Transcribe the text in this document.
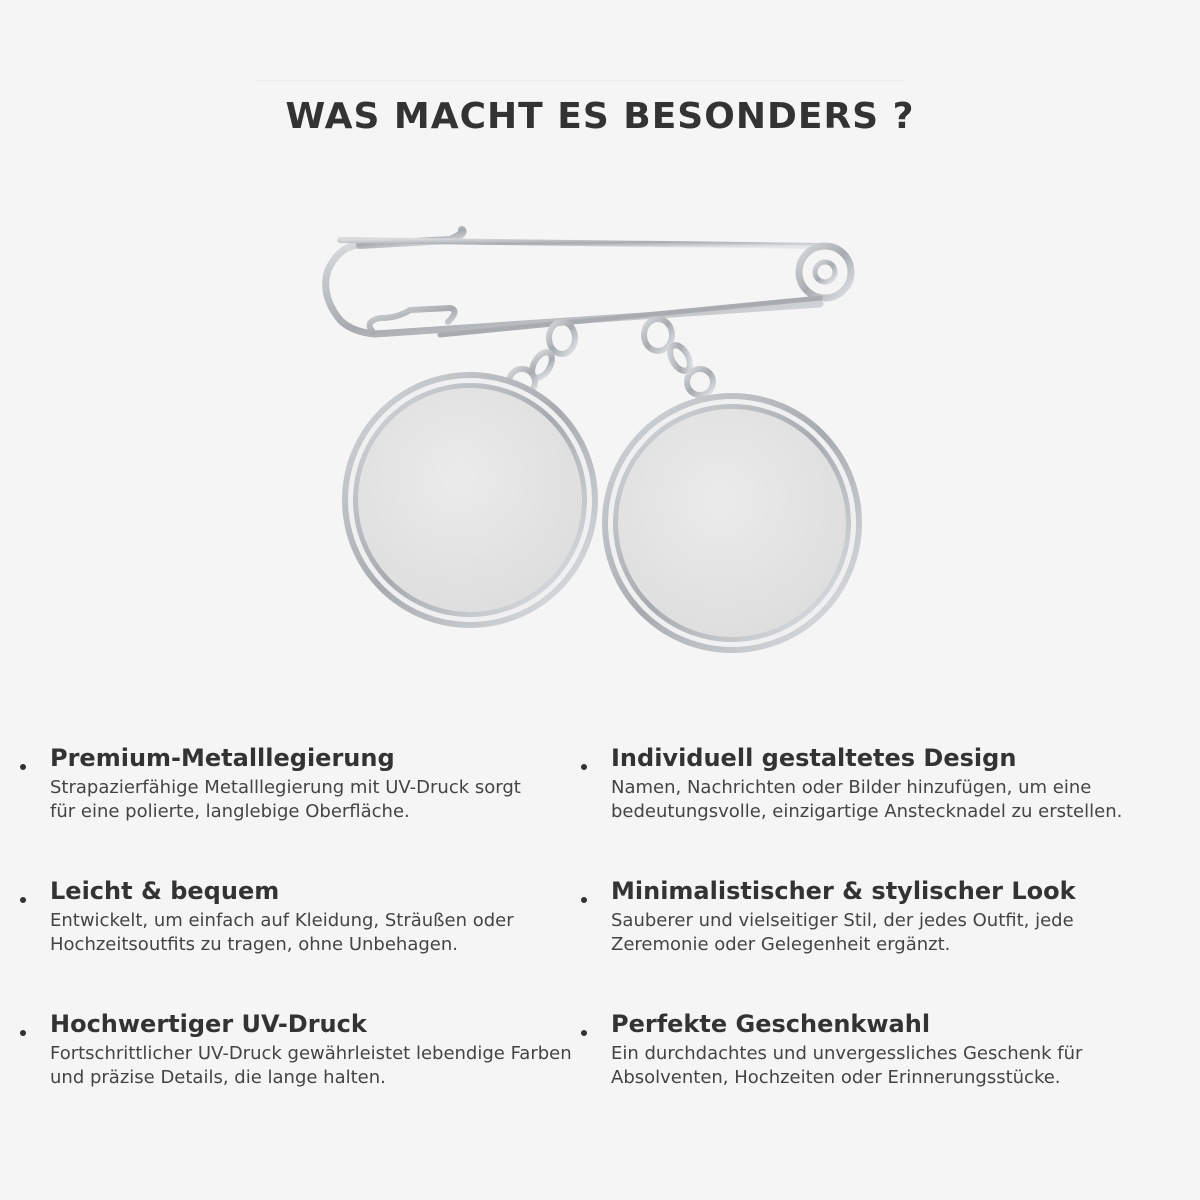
WAS MACHT ES BESONDERS ?
Premium-Metalllegierung

Strapazierfähige Metalllegierung mit UV-Druck sorgt für eine polierte, langlebige Oberfläche.

Individuell gestaltetes Design

Namen, Nachrichten oder Bilder hinzufügen, um eine bedeutungsvolle, einzigartige Anstecknadel zu erstellen.

Leicht & bequem

Entwickelt, um einfach auf Kleidung, Sträußen oder Hochzeitsoutfits zu tragen, ohne Unbehagen.

Minimalistischer & stylischer Look

Sauberer und vielseitiger Stil, der jedes Outfit, jede Zeremonie oder Gelegenheit ergänzt.

Hochwertiger UV-Druck

Fortschrittlicher UV-Druck gewährleistet lebendige Farben und präzise Details, die lange halten.

Perfekte Geschenkwahl

Ein durchdachtes und unvergessliches Geschenk für Absolventen, Hochzeiten oder Erinnerungsstücke.
